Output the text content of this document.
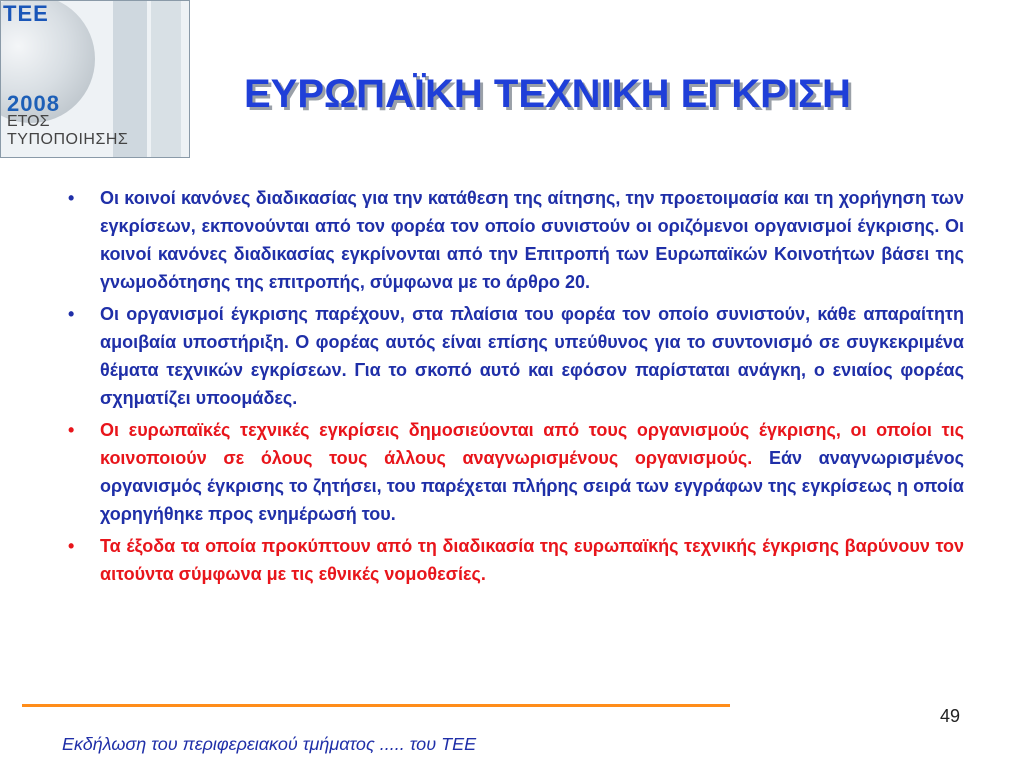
ΤΕΕ
2008
ΕΤΟΣ
ΤΥΠΟΠΟΙΗΣΗΣ
ΕΥΡΩΠΑΪΚΗ ΤΕΧΝΙΚΗ ΕΓΚΡΙΣΗ
• Οι κοινοί κανόνες διαδικασίας για την κατάθεση της αίτησης, την προετοιμασία και τη χορήγηση των εγκρίσεων, εκπονούνται από τον φορέα τον οποίο συνιστούν οι οριζόμενοι οργανισμοί έγκρισης. Οι κοινοί κανόνες διαδικασίας εγκρίνονται από την Επιτροπή των Ευρωπαϊκών Κοινοτήτων βάσει της γνωμοδότησης της επιτροπής, σύμφωνα με το άρθρο 20.
• Οι οργανισμοί έγκρισης παρέχουν, στα πλαίσια του φορέα τον οποίο συνιστούν, κάθε απαραίτητη αμοιβαία υποστήριξη. Ο φορέας αυτός είναι επίσης υπεύθυνος για το συντονισμό σε συγκεκριμένα θέματα τεχνικών εγκρίσεων. Για το σκοπό αυτό και εφόσον παρίσταται ανάγκη, ο ενιαίος φορέας σχηματίζει υποομάδες.
• Οι ευρωπαϊκές τεχνικές εγκρίσεις δημοσιεύονται από τους οργανισμούς έγκρισης, οι οποίοι τις κοινοποιούν σε όλους τους άλλους αναγνωρισμένους οργανισμούς. Εάν αναγνωρισμένος οργανισμός έγκρισης το ζητήσει, του παρέχεται πλήρης σειρά των εγγράφων της εγκρίσεως η οποία χορηγήθηκε προς ενημέρωσή του.
• Τα έξοδα τα οποία προκύπτουν από τη διαδικασία της ευρωπαϊκής τεχνικής έγκρισης βαρύνουν τον αιτούντα σύμφωνα με τις εθνικές νομοθεσίες.
49
Εκδήλωση του περιφερειακού τμήματος ..... του ΤΕΕ
